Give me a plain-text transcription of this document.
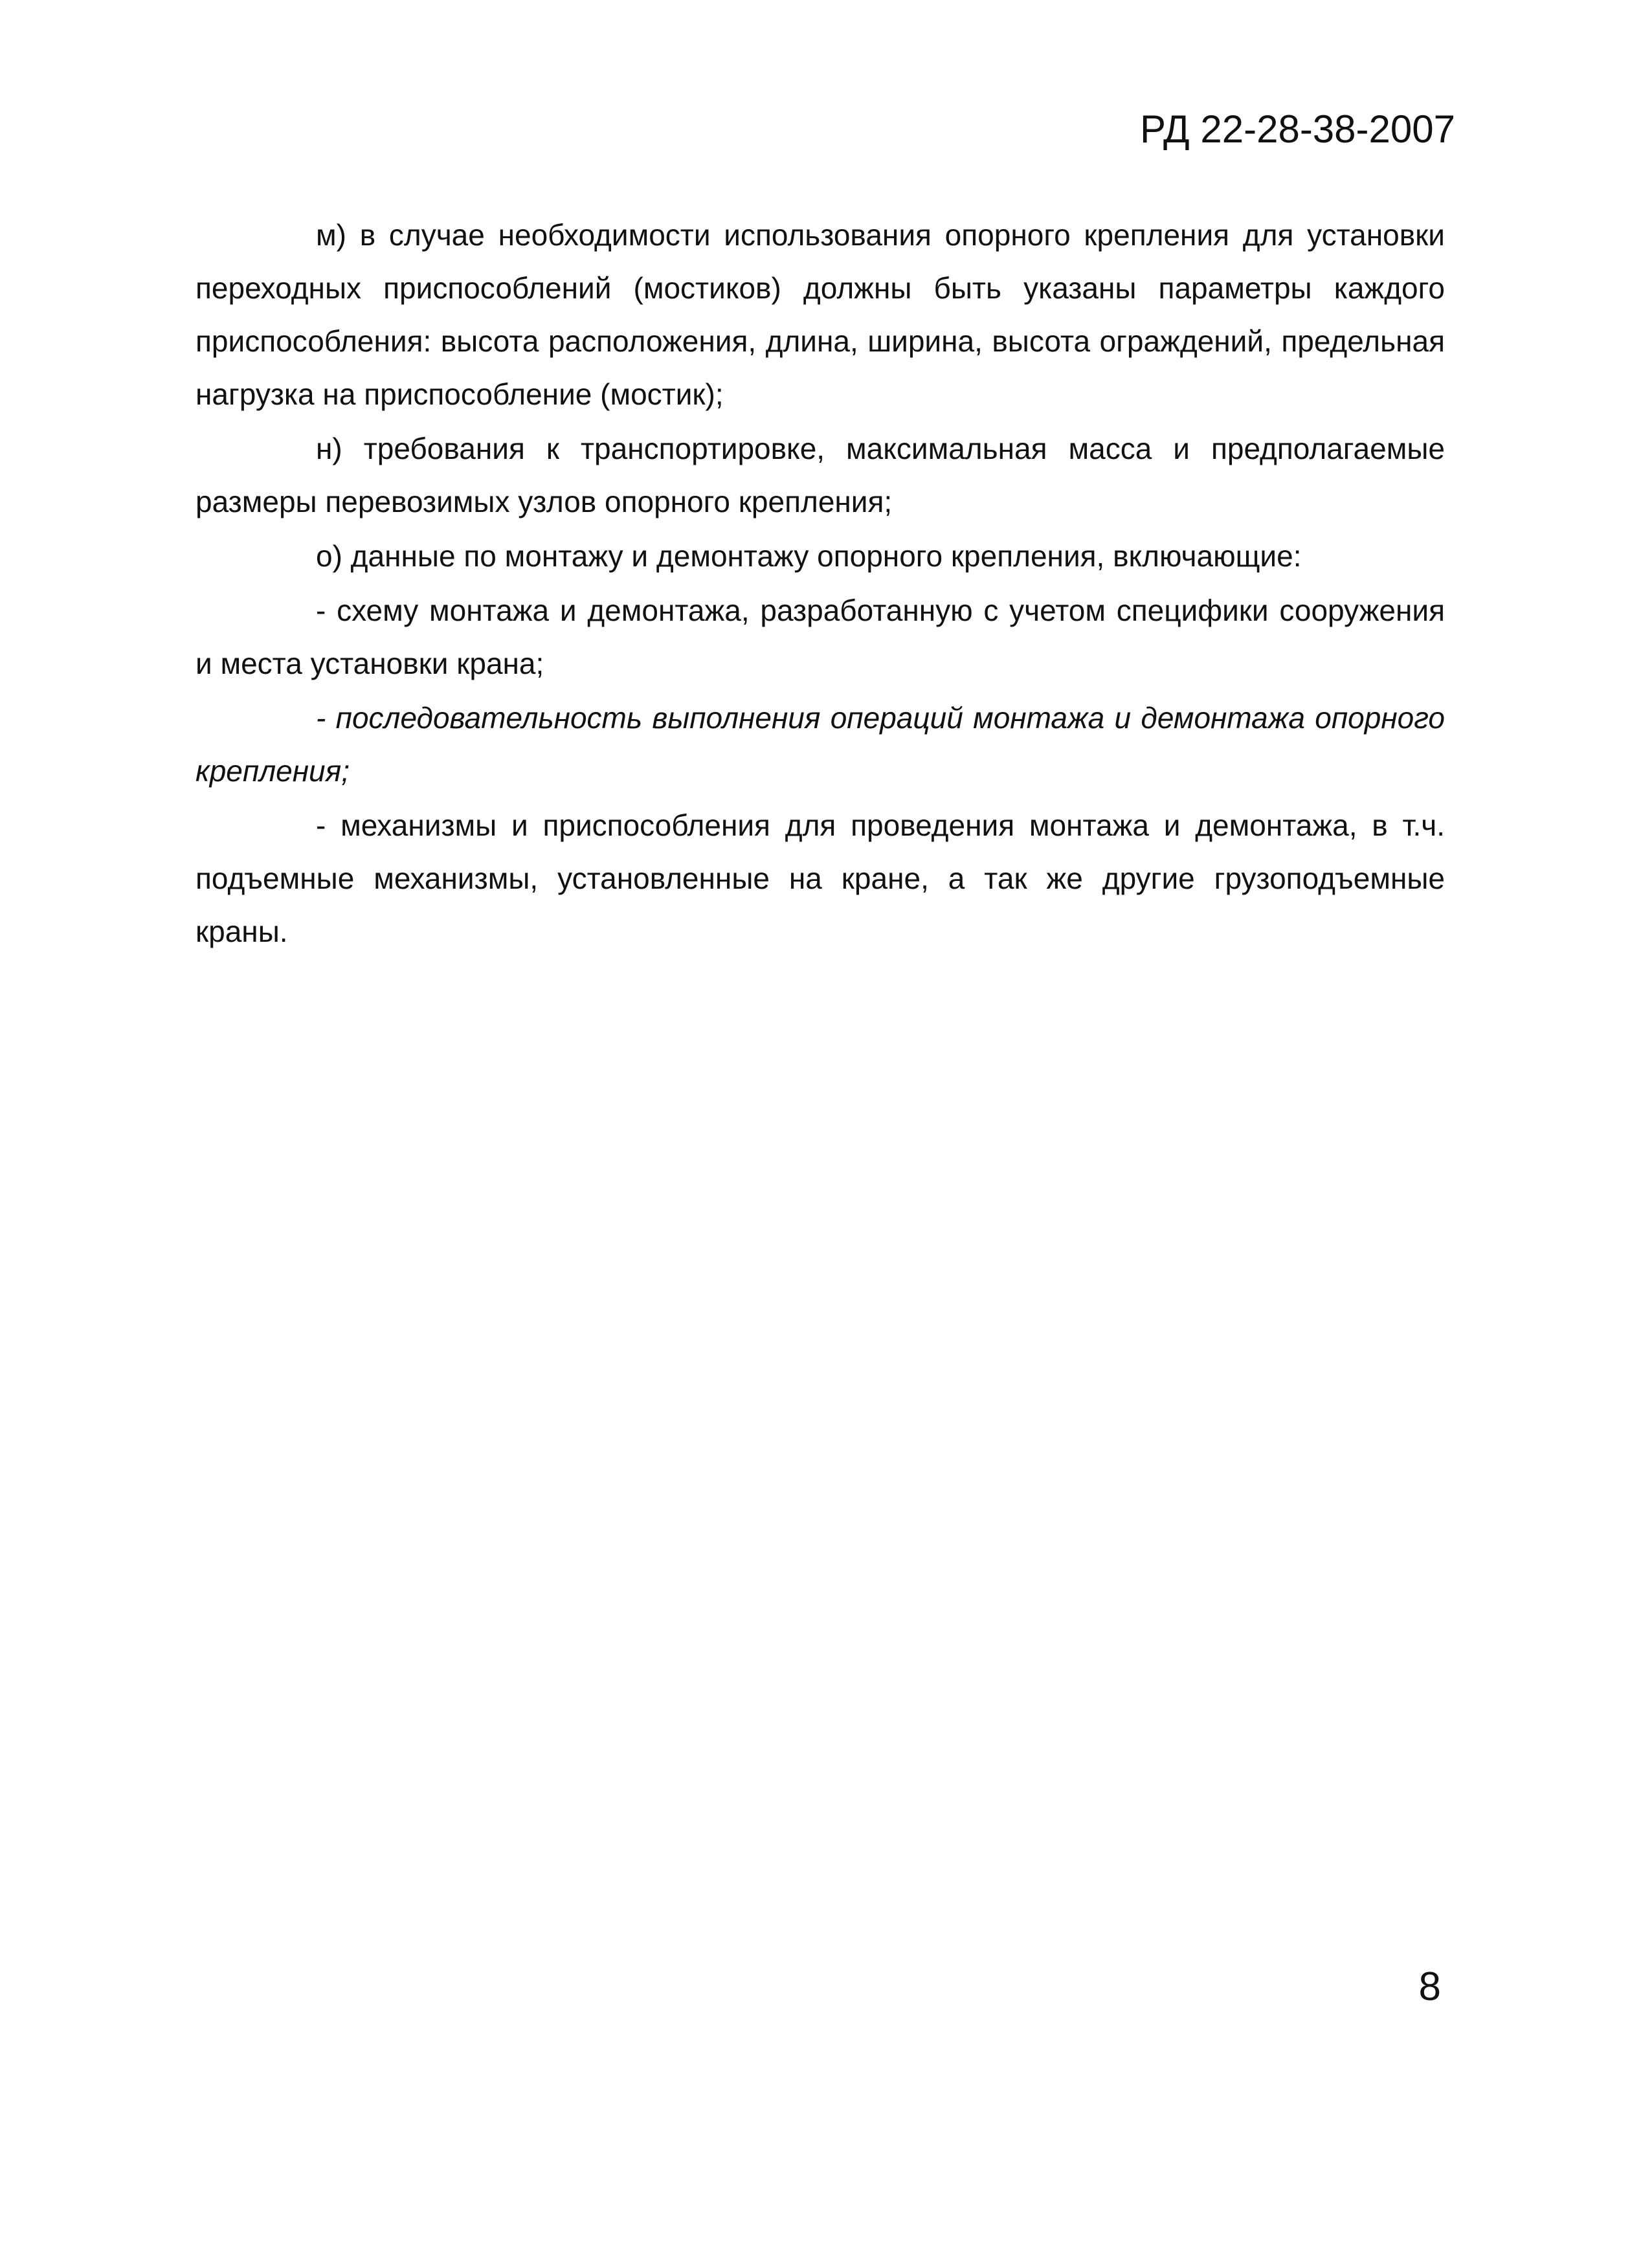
РД 22-28-38-2007

м) в случае необходимости использования опорного крепления для установки переходных приспособлений (мостиков) должны быть указаны параметры каждого приспособления: высота расположения, длина, ширина, высота ограждений, предельная нагрузка на приспособление (мостик);

н) требования к транспортировке, максимальная масса и предполагаемые размеры перевозимых узлов опорного крепления;

о) данные по монтажу и демонтажу опорного крепления, включающие:

- схему монтажа и демонтажа, разработанную с учетом специфики сооружения и места установки крана;

- последовательность выполнения операций монтажа и демонтажа опорного крепления;

- механизмы и приспособления для проведения монтажа и демонтажа, в т.ч. подъемные механизмы, установленные на кране, а так же другие грузоподъемные краны.

8
